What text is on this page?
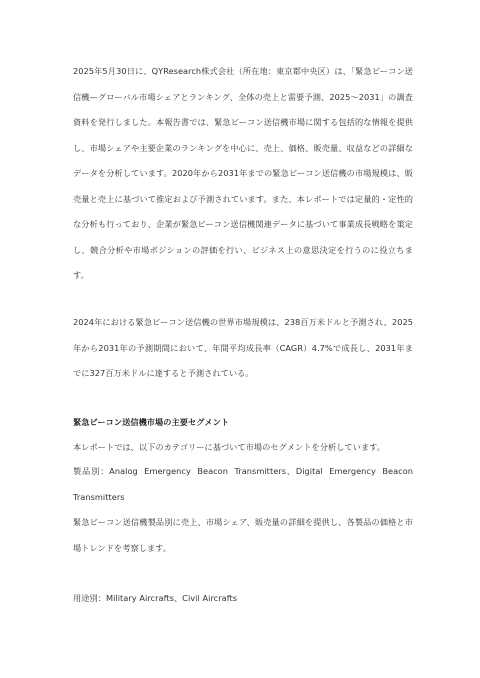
2025年5月30日に、QYResearch株式会社（所在地：東京都中央区）は、「緊急ビーコン送信機—グローバル市場シェアとランキング、全体の売上と需要予測、2025～2031」の調査資料を発行しました。本報告書では、緊急ビーコン送信機市場に関する包括的な情報を提供し、市場シェアや主要企業のランキングを中心に、売上、価格、販売量、収益などの詳細なデータを分析しています。2020年から2031年までの緊急ビーコン送信機の市場規模は、販売量と売上に基づいて推定および予測されています。また、本レポートでは定量的・定性的な分析も行っており、企業が緊急ビーコン送信機関連データに基づいて事業成長戦略を策定し、競合分析や市場ポジションの評価を行い、ビジネス上の意思決定を行うのに役立ちます。

2024年における緊急ビーコン送信機の世界市場規模は、238百万米ドルと予測され、2025年から2031年の予測期間において、年間平均成長率（CAGR）4.7%で成長し、2031年までに327百万米ドルに達すると予測されている。

緊急ビーコン送信機市場の主要セグメント

本レポートでは、以下のカテゴリーに基づいて市場のセグメントを分析しています。

製品別：Analog Emergency Beacon Transmitters、Digital Emergency Beacon

Transmitters

緊急ビーコン送信機製品別に売上、市場シェア、販売量の詳細を提供し、各製品の価格と市場トレンドを考察します。

用途別：Military Aircrafts、Civil Aircrafts
